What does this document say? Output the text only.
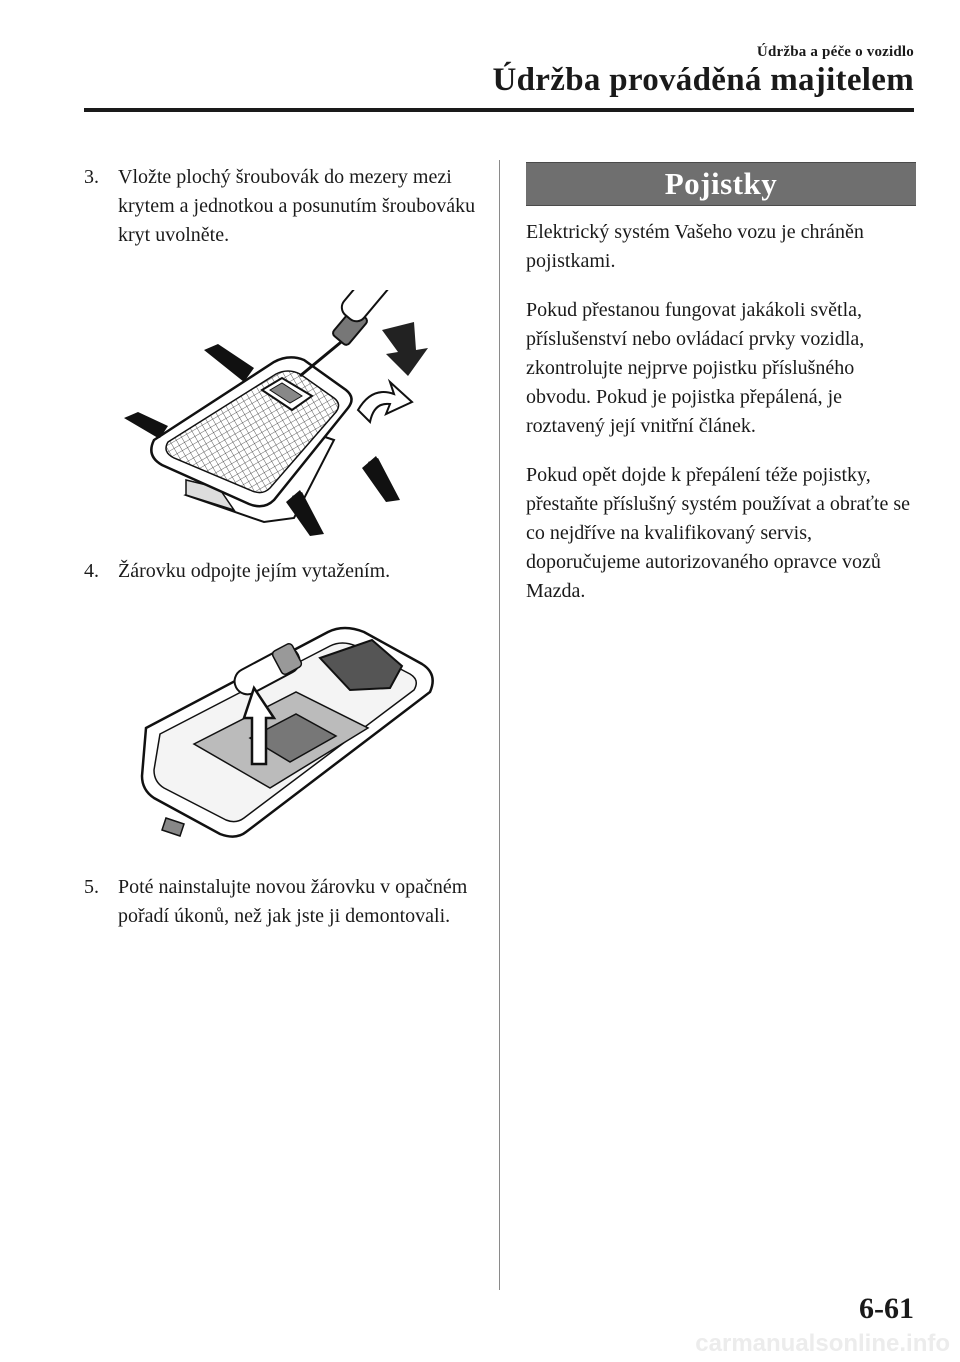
Údržba a péče o vozidlo
Údržba prováděná majitelem
3. Vložte plochý šroubovák do mezery mezi krytem a jednotkou a posunutím šroubováku kryt uvolněte.
4. Žárovku odpojte jejím vytažením.
5. Poté nainstalujte novou žárovku v opačném pořadí úkonů, než jak jste ji demontovali.
Pojistky

Elektrický systém Vašeho vozu je chráněn pojistkami.

Pokud přestanou fungovat jakákoli světla, příslušenství nebo ovládací prvky vozidla, zkontrolujte nejprve pojistku příslušného obvodu. Pokud je pojistka přepálená, je roztavený její vnitřní článek.

Pokud opět dojde k přepálení téže pojistky, přestaňte příslušný systém používat a obraťte se co nejdříve na kvalifikovaný servis, doporučujeme autorizovaného opravce vozů Mazda.

6-61
carmanualsonline.info
